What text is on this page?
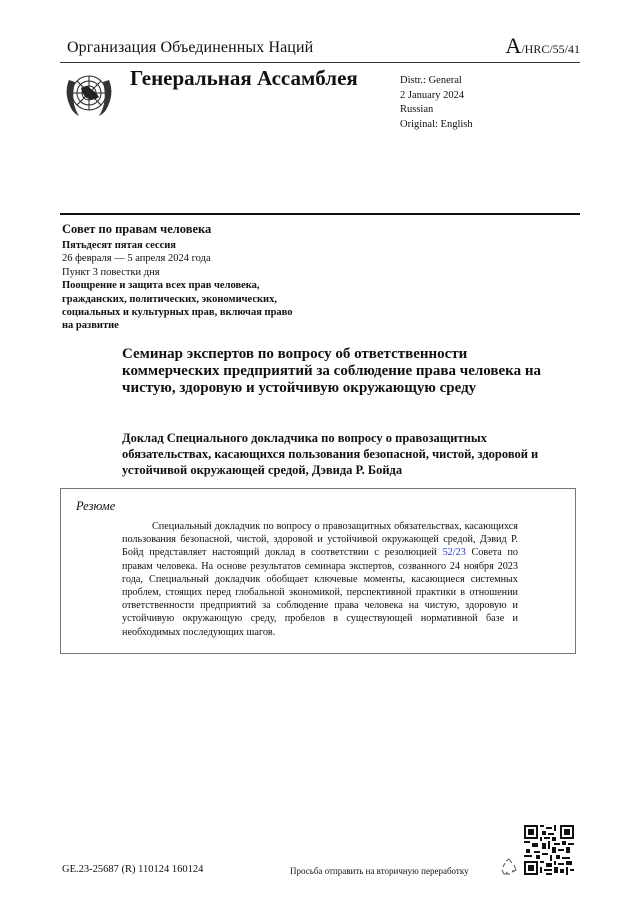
Организация Объединенных Наций	A/HRC/55/41
Генеральная Ассамблея	Distr.: General
2 January 2024
Russian
Original: English
Совет по правам человека
Пятьдесят пятая сессия
26 февраля — 5 апреля 2024 года
Пункт 3 повестки дня
Поощрение и защита всех прав человека, гражданских, политических, экономических, социальных и культурных прав, включая право на развитие
Семинар экспертов по вопросу об ответственности коммерческих предприятий за соблюдение права человека на чистую, здоровую и устойчивую окружающую среду
Доклад Специального докладчика по вопросу о правозащитных обязательствах, касающихся пользования безопасной, чистой, здоровой и устойчивой окружающей средой, Дэвида Р. Бойда
Резюме
Специальный докладчик по вопросу о правозащитных обязательствах, касающихся пользования безопасной, чистой, здоровой и устойчивой окружающей средой, Дэвид Р. Бойд представляет настоящий доклад в соответствии с резолюцией 52/23 Совета по правам человека. На основе результатов семинара экспертов, созванного 24 ноября 2023 года, Специальный докладчик обобщает ключевые моменты, касающиеся системных проблем, стоящих перед глобальной экономикой, перспективной практики в отношении ответственности предприятий за соблюдение права человека на чистую, здоровую и устойчивую окружающую среду, пробелов в существующей нормативной базе и необходимых последующих шагов.
GE.23-25687 (R) 110124 160124	Просьба отправить на вторичную переработку
